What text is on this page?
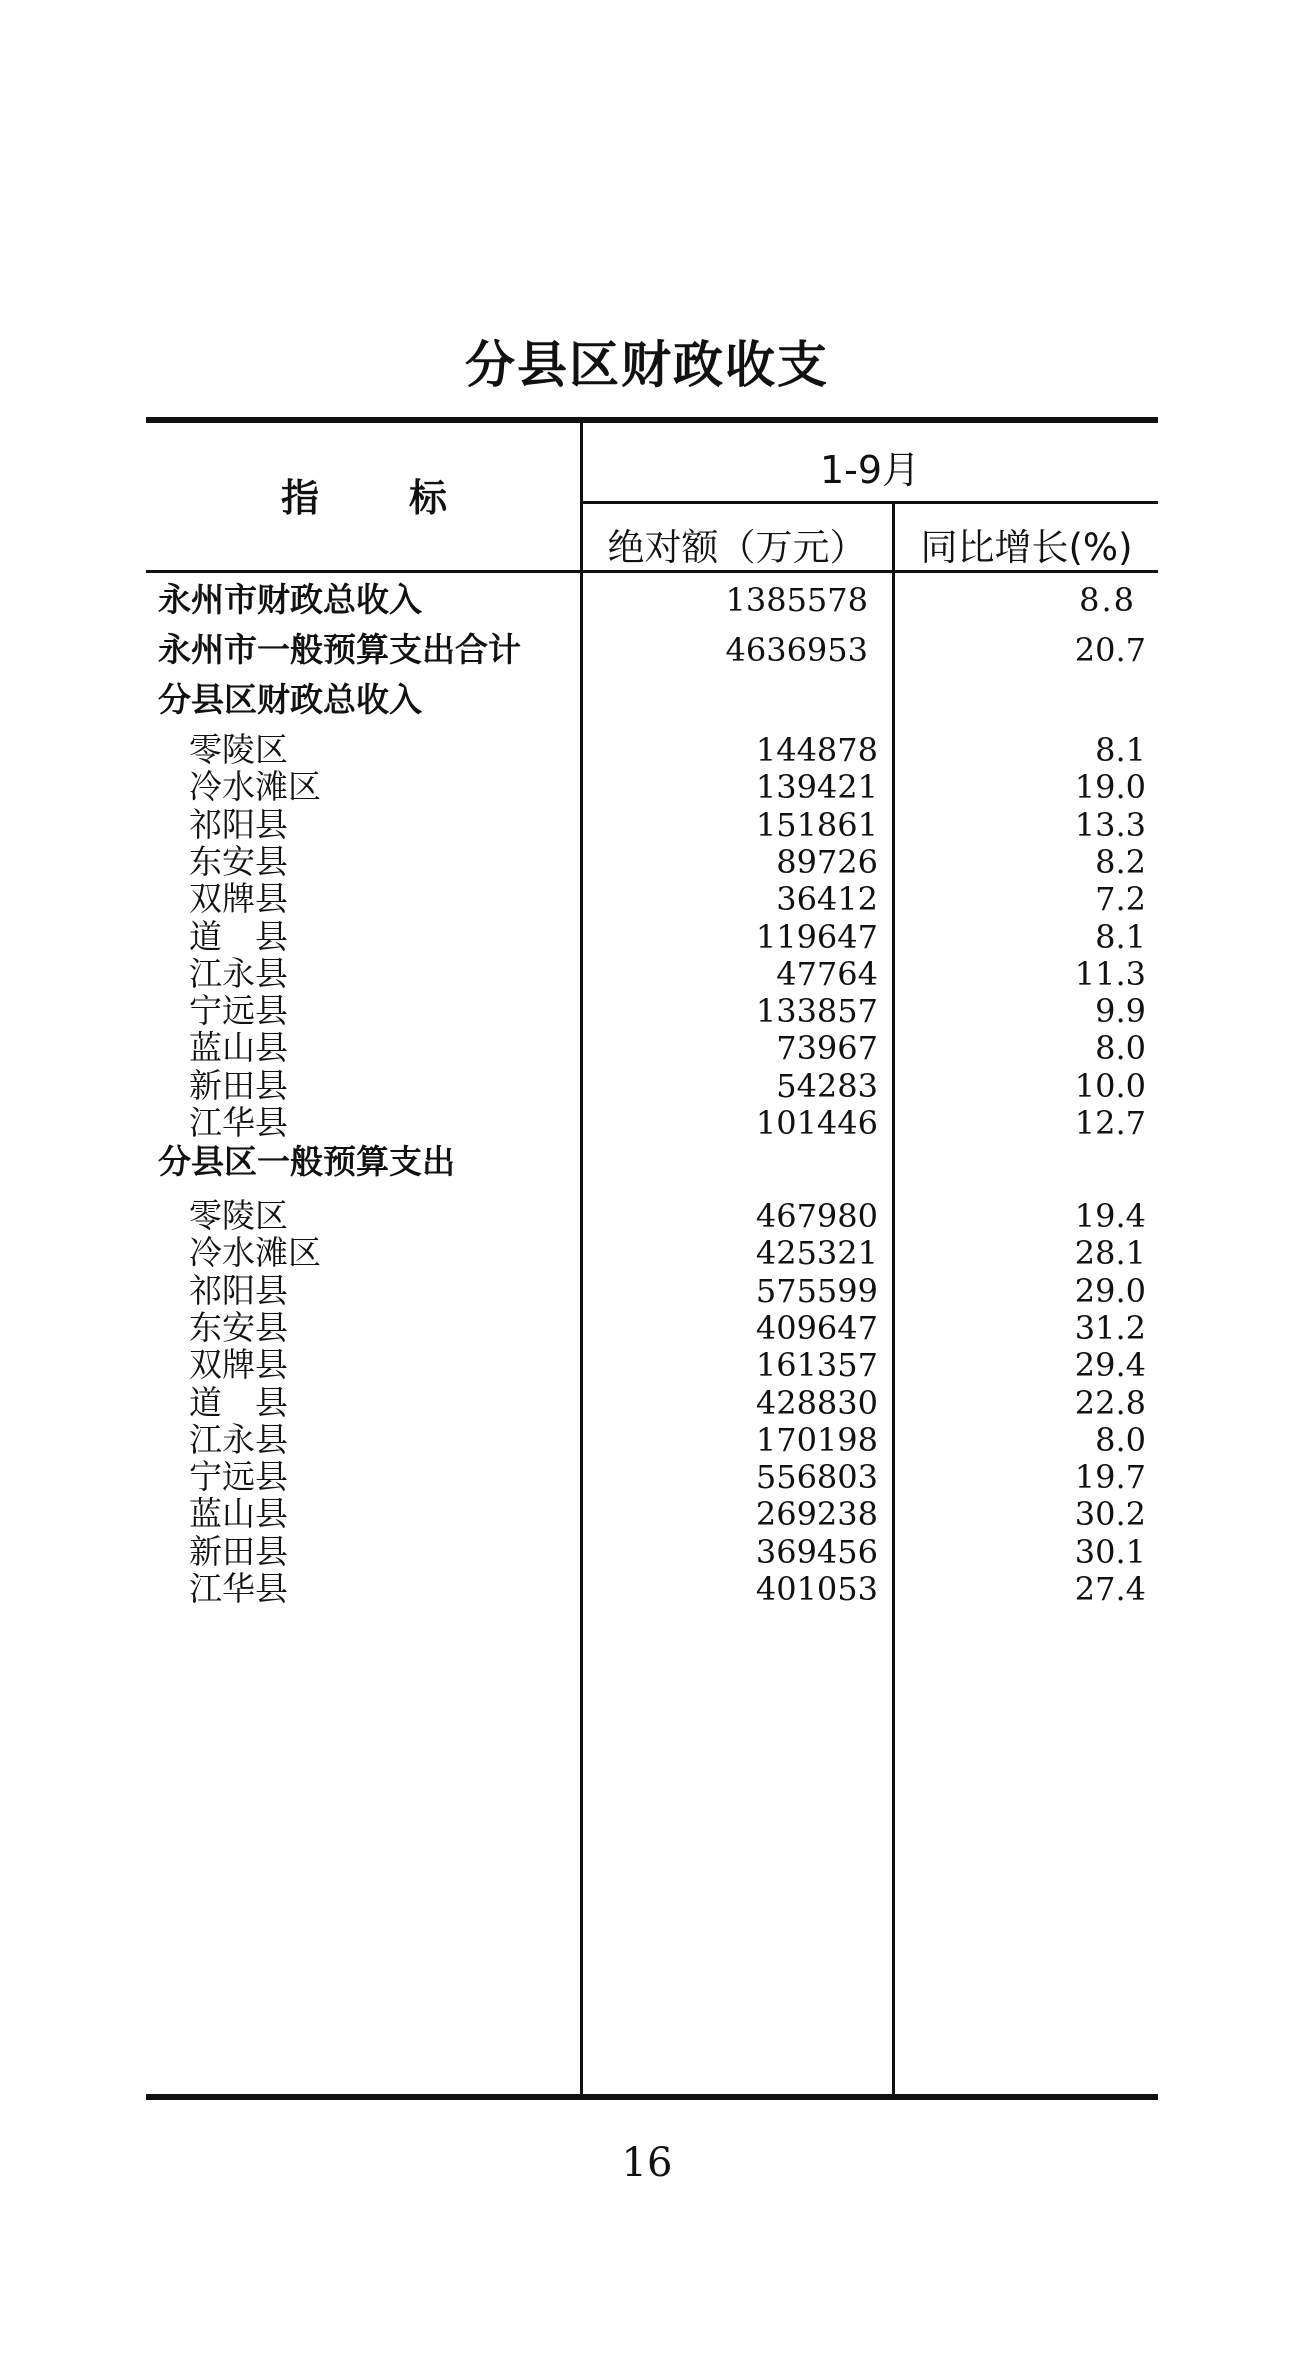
分县区财政收支
指 标
1-9月
绝对额（万元）	同比增长(%)
永州市财政总收入	1385578	8.8
永州市一般预算支出合计	4636953	20.7
分县区财政总收入
零陵区	144878	8.1
冷水滩区	139421	19.0
祁阳县	151861	13.3
东安县	89726	8.2
双牌县	36412	7.2
道　县	119647	8.1
江永县	47764	11.3
宁远县	133857	9.9
蓝山县	73967	8.0
新田县	54283	10.0
江华县	101446	12.7
分县区一般预算支出
零陵区	467980	19.4
冷水滩区	425321	28.1
祁阳县	575599	29.0
东安县	409647	31.2
双牌县	161357	29.4
道　县	428830	22.8
江永县	170198	8.0
宁远县	556803	19.7
蓝山县	269238	30.2
新田县	369456	30.1
江华县	401053	27.4
16
